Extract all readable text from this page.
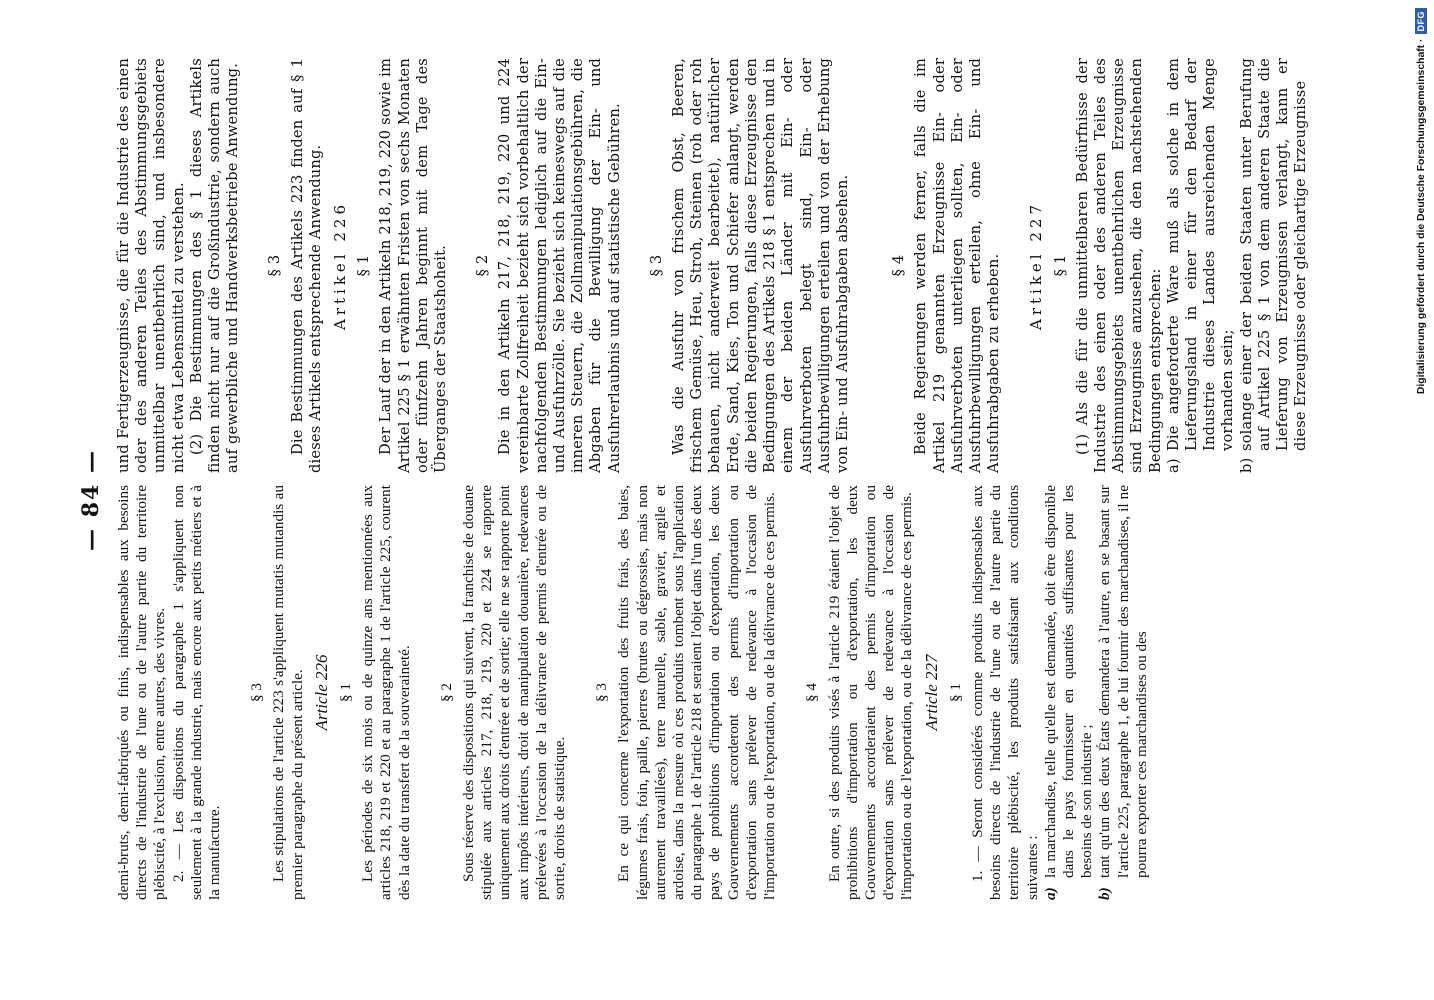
— 84 — demi-bruts, demi-fabriqués ou finis, indispensables aux besoins directs de l'industrie de l'une ou de l'autre partie du territoire plébiscité, à l'exclusion, entre autres, des vivres. 2. — Les dispositions du paragraphe 1 s'appliquent non seulement à la grande industrie, mais encore aux petits métiers et à la manufacture.

§ 3 Les stipulations de l'article 223 s'appliquent mutatis mutandis au premier paragraphe du présent article. Article 226 § 1 Les périodes de six mois ou de quinze ans mentionnées aux articles 218, 219 et 220 et au paragraphe 1 de l'article 225, courent dès la date du transfert de la souveraineté. § 2 Sous réserve des dispositions qui suivent, la franchise de douane stipulée aux articles 217, 218, 219, 220 et 224 se rapporte uniquement aux droits d'entrée et de sortie; elle ne se rapporte point aux impôts intérieurs, droit de manipulation douanière, redevances prélevées à l'occasion de la délivrance de permis d'entrée ou de sortie, droits de statistique.

§ 3 En ce qui concerne l'exportation des fruits frais, des baies, légumes frais, foin, paille, pierres (brutes ou dégrossies, mais non autrement travaillées), terre naturelle, sable, gravier, argile et ardoise, dans la mesure où ces produits tombent sous l'application du paragraphe 1 de l'article 218 et seraient l'objet dans l'un des deux pays de prohibitions d'importation ou d'exportation, les deux Gouvernements accorderont des permis d'importation ou d'exportation sans prélever de redevance à l'occasion de l'importation ou de l'exportation, ou de la délivrance de ces permis. § 4 En outre, si des produits visés à l'article 219 étaient l'objet de prohibitions d'importation ou d'exportation, les deux Gouvernements accorderaient des permis d'importation ou d'exportation sans prélever de redevance à l'occasion de l'importation ou de l'exportation, ou de la délivrance de ces permis. Article 227 § 1 1. — Seront considérés comme produits indispensables aux besoins directs de l'industrie de l'une ou de l'autre partie du territoire plébiscité, les produits satisfaisant aux conditions suivantes : a)
la marchandise, telle qu'elle est demandée, doit être disponible dans le pays fournisseur en quantités suffisantes pour les besoins de son industrie ;
b)
tant qu'un des deux États demandera à l'autre, en se basant sur l'article 225, paragraphe 1, de lui fournir des marchandises, il ne pourra exporter ces marchandises ou des

und Fertigerzeugnisse, die für die Industrie des einen oder des anderen Teiles des Abstimmungsgebiets unmittelbar unentbehrlich sind, und insbesondere nicht etwa Lebensmittel zu verstehen. (2) Die Bestimmungen des § 1 dieses Artikels finden nicht nur auf die Großindustrie, sondern auch auf gewerbliche und Handwerksbetriebe Anwendung. § 3 Die Bestimmungen des Artikels 223 finden auf § 1 dieses Artikels entsprechende Anwendung. Artikel 226 § 1 Der Lauf der in den Artikeln 218, 219, 220 sowie im Artikel 225 § 1 erwähnten Fristen von sechs Monaten oder fünfzehn Jahren beginnt mit dem Tage des Überganges der Staatshoheit. § 2 Die in den Artikeln 217, 218, 219, 220 und 224 vereinbarte Zollfreiheit bezieht sich vorbehaltlich der nachfolgenden Bestimmungen lediglich auf die Ein- und Ausfuhrzölle. Sie bezieht sich keineswegs auf die inneren Steuern, die Zollmanipulationsgebühren, die Abgaben für die Bewilligung der Ein- und Ausfuhrerlaubnis und auf statistische Gebühren. § 3 Was die Ausfuhr von frischem Obst, Beeren, frischem Gemüse, Heu, Stroh, Steinen (roh oder roh behauen, nicht anderweit bearbeitet), natürlicher Erde, Sand, Kies, Ton und Schiefer anlangt, werden die beiden Regierungen, falls diese Erzeugnisse den Bedingungen des Artikels 218 § 1 entsprechen und in einem der beiden Länder mit Ein- oder Ausfuhrverboten belegt sind, Ein- oder Ausfuhrbewilligungen erteilen und von der Erhebung von Ein- und Ausfuhrabgaben absehen.	§ 4 Beide Regierungen werden ferner, falls die im Artikel 219 genannten Erzeugnisse Ein- oder Ausfuhrverboten unterliegen sollten, Ein- oder Ausfuhrbewilligungen erteilen, ohne Ein- und Ausfuhrabgaben zu erheben. Artikel 227 § 1 (1) Als die für die unmittelbaren Bedürfnisse der Industrie des einen oder des anderen Teiles des Abstimmungsgebiets unentbehrlichen Erzeugnisse sind Erzeugnisse anzusehen, die den nachstehenden Bedingungen entsprechen: a)
Die angeforderte Ware muß als solche in dem Lieferungsland in einer für den Bedarf der Industrie dieses Landes ausreichenden Menge vorhanden sein;
b)
solange einer der beiden Staaten unter Berufung auf Artikel 225 § 1 von dem anderen Staate die Lieferung von Erzeugnissen verlangt, kann er diese Erzeugnisse oder gleichartige Erzeugnisse	Digitalisierung gefördert durch die Deutsche Forschungsgemeinschaft ·
DFG
